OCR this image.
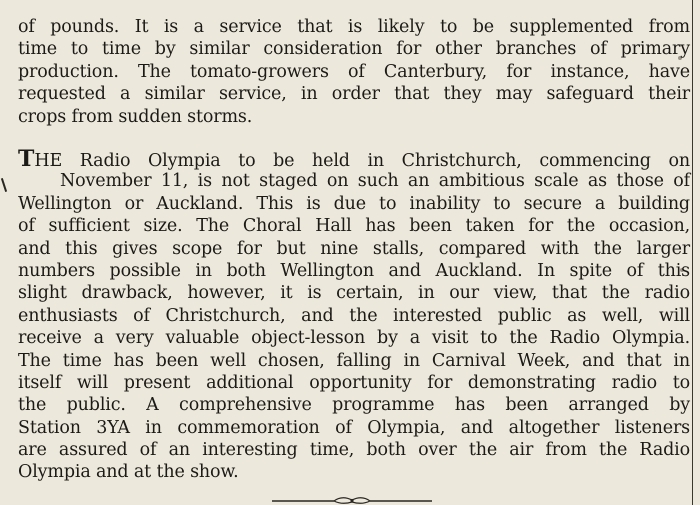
of pounds. It is a service that is likely to be supplemented from
time to time by similar consideration for other branches of primary
production. The tomato-growers of Canterbury, for instance, have
requested a similar service, in order that they may safeguard their
crops from sudden storms.
THE Radio Olympia to be held in Christchurch, commencing on
November 11, is not staged on such an ambitious scale as those of
Wellington or Auckland. This is due to inability to secure a building
of sufficient size. The Choral Hall has been taken for the occasion,
and this gives scope for but nine stalls, compared with the larger
numbers possible in both Wellington and Auckland. In spite of this
slight drawback, however, it is certain, in our view, that the radio
enthusiasts of Christchurch, and the interested public as well, will
receive a very valuable object-lesson by a visit to the Radio Olympia.
The time has been well chosen, falling in Carnival Week, and that in
itself will present additional opportunity for demonstrating radio to
the public. A comprehensive programme has been arranged by
Station 3YA in commemoration of Olympia, and altogether listeners
are assured of an interesting time, both over the air from the Radio
Olympia and at the show.
